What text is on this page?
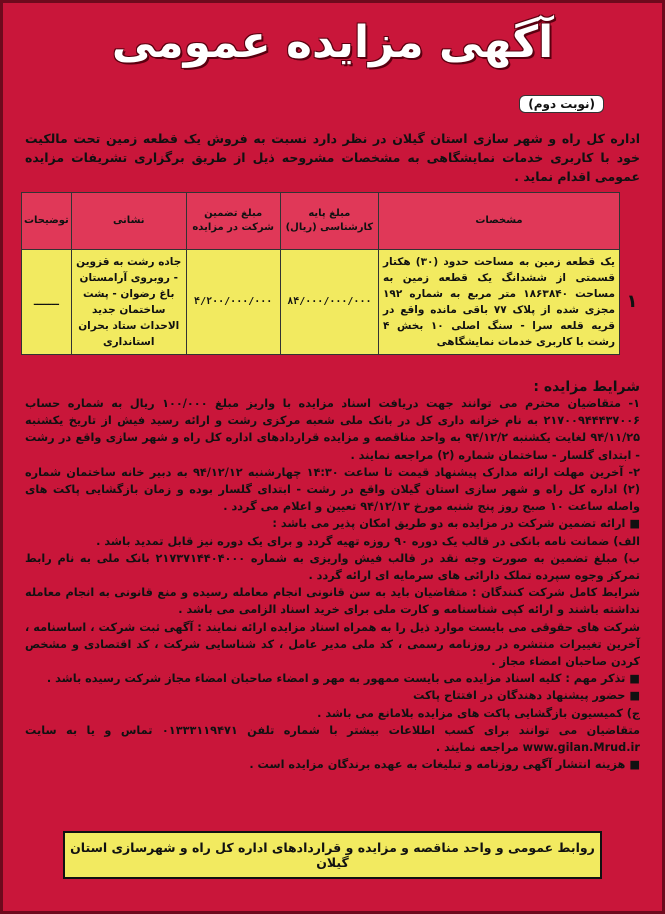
آگهی مزایده عمومی
(نوبت دوم)
اداره کل راه و شهر سازی استان گیلان در نظر دارد نسبت به فروش یک قطعه زمین تحت مالکیت خود با کاربری خدمات نمایشگاهی به مشخصات مشروحه ذیل از طریق برگزاری تشریفات مزایده عمومی اقدام نماید .
	مشخصات	مبلغ پایه کارشناسی (ریال)	مبلغ تضمین شرکت در مزایده	نشانی	توضیحات
۱	یک قطعه زمین به مساحت حدود (۳۰) هکتار قسمتی از ششدانگ یک قطعه زمین به مساحت ۱۸۶۳۸۴۰ متر مربع به شماره ۱۹۲ مجزی شده از پلاک ۷۷ باقی مانده واقع در قریه قلعه سرا - سنگ اصلی ۱۰ بخش ۴ رشت با کاربری خدمات نمایشگاهی	۸۴/۰۰۰/۰۰۰/۰۰۰	۴/۲۰۰/۰۰۰/۰۰۰	جاده رشت به قزوین - روبروی آرامستان باغ رضوان - پشت ساختمان جدید الاحداث ستاد بحران استانداری	ـــــــ
شرایط مزایده :

۱- متقاضیان محترم می توانند جهت دریافت اسناد مزایده با واریز مبلغ ۱۰۰/۰۰۰ ریال به شماره حساب ۲۱۷۰۰۹۴۴۴۳۷۰۰۶ به نام خزانه داری کل در بانک ملی شعبه مرکزی رشت و ارائه رسید فیش از تاریخ یکشنبه ۹۴/۱۱/۲۵ لغایت یکشنبه ۹۴/۱۲/۲ به واحد مناقصه و مزایده قراردادهای اداره کل راه و شهر سازی واقع در رشت - ابتدای گلسار - ساختمان شماره (۲) مراجعه نمایند .

۲- آخرین مهلت ارائه مدارک پیشنهاد قیمت تا ساعت ۱۴:۳۰ چهارشنبه ۹۴/۱۲/۱۲ به دبیر خانه ساختمان شماره (۲) اداره کل راه و شهر سازی استان گیلان واقع در رشت - ابتدای گلسار بوده و زمان بازگشایی پاکت های واصله ساعت ۱۰ صبح روز پنج شنبه مورخ ۹۴/۱۲/۱۳ تعیین و اعلام می گردد .

■ ارائه تضمین شرکت در مزایده به دو طریق امکان پذیر می باشد :

الف) ضمانت نامه بانکی در قالب یک دوره ۹۰ روزه تهیه گردد و برای یک دوره نیز قابل تمدید باشد .

ب) مبلغ تضمین به صورت وجه نقد در قالب فیش واریزی به شماره ۲۱۷۳۷۱۴۴۰۴۰۰۰ بانک ملی به نام رابط تمرکز وجوه سپرده تملک دارائی های سرمایه ای ارائه گردد .

شرایط کامل شرکت کنندگان : متقاضیان باید به سن قانونی انجام معامله رسیده و منع قانونی به انجام معامله نداشته باشند و ارائه کپی شناسنامه و کارت ملی برای خرید اسناد الزامی می باشد .

شرکت های حقوقی می بایست موارد ذیل را به همراه اسناد مزایده ارائه نمایند : آگهی ثبت شرکت ، اساسنامه ، آخرین تغییرات منتشره در روزنامه رسمی ، کد ملی مدیر عامل ، کد شناسایی شرکت ، کد اقتصادی و مشخص کردن صاحبان امضاء مجاز .

■ تذکر مهم : کلیه اسناد مزایده می بایست ممهور به مهر و امضاء صاحبان امضاء مجاز شرکت رسیده باشد .

■ حضور پیشنهاد دهندگان در افتتاح پاکت

ج) کمیسیون بازگشایی پاکت های مزایده بلامانع می باشد .

متقاضیان می توانند برای کسب اطلاعات بیشتر با شماره تلفن ۰۱۳۳۳۱۱۹۴۷۱ تماس و یا به سایت www.gilan.Mrud.ir مراجعه نمایند .

■ هزینه انتشار آگهی روزنامه و تبلیغات به عهده برندگان مزایده است .

روابط عمومی و واحد مناقصه و مزایده و قراردادهای اداره کل راه و شهرسازی استان گیلان
